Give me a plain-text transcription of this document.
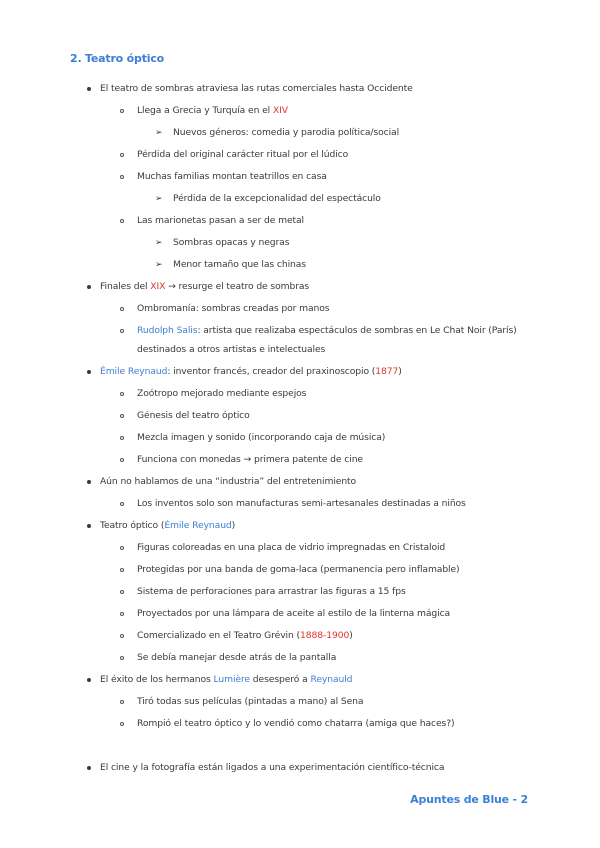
2. Teatro óptico
El teatro de sombras atraviesa las rutas comerciales hasta Occidente
Llega a Grecia y Turquía en el XIV
➢ Nuevos géneros: comedia y parodia política/social
Pérdida del original carácter ritual por el lúdico
Muchas familias montan teatrillos en casa
➢ Pérdida de la excepcionalidad del espectáculo
Las marionetas pasan a ser de metal
➢ Sombras opacas y negras
➢ Menor tamaño que las chinas
Finales del XIX → resurge el teatro de sombras
Ombromanía: sombras creadas por manos
Rudolph Salis: artista que realizaba espectáculos de sombras en Le Chat Noir (París)
destinados a otros artistas e intelectuales
Émile Reynaud: inventor francés, creador del praxinoscopio (1877)
Zoótropo mejorado mediante espejos
Génesis del teatro óptico
Mezcla imagen y sonido (incorporando caja de música)
Funciona con monedas → primera patente de cine
Aún no hablamos de una “industria” del entretenimiento
Los inventos solo son manufacturas semi-artesanales destinadas a niños
Teatro óptico (Émile Reynaud)
Figuras coloreadas en una placa de vidrio impregnadas en Cristaloid
Protegidas por una banda de goma-laca (permanencia pero inflamable)
Sistema de perforaciones para arrastrar las figuras a 15 fps
Proyectados por una lámpara de aceite al estilo de la linterna mágica
Comercializado en el Teatro Grévin (1888-1900)
Se debía manejar desde atrás de la pantalla
El éxito de los hermanos Lumière desesperó a Reynauld
Tiró todas sus películas (pintadas a mano) al Sena
Rompió el teatro óptico y lo vendió como chatarra (amiga que haces?)
El cine y la fotografía están ligados a una experimentación científico-técnica
Apuntes de Blue - 2
